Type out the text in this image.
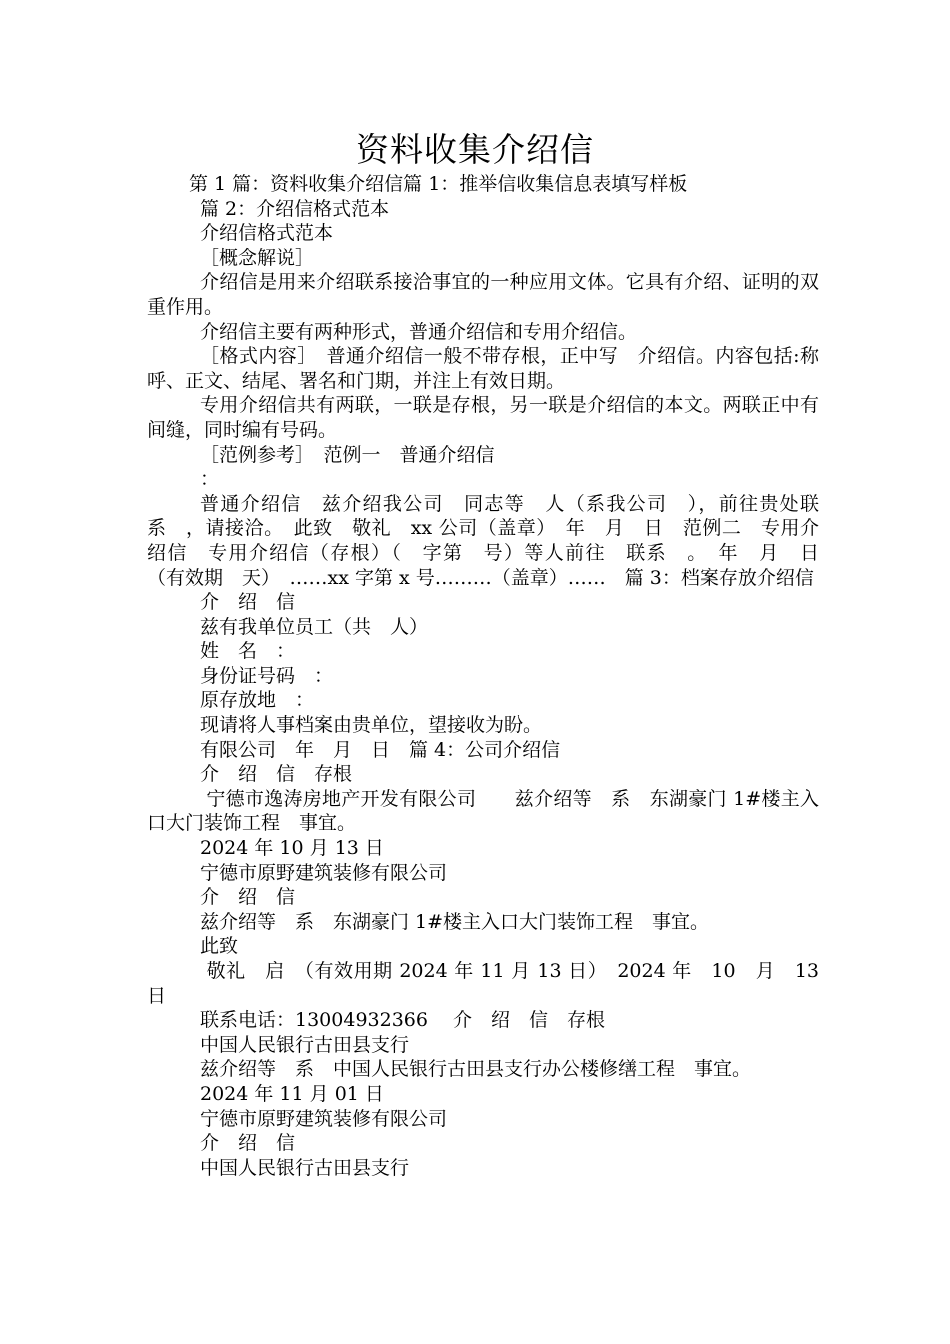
资料收集介绍信

第 1 篇：资料收集介绍信篇 1：推举信收集信息表填写样板

篇 2：介绍信格式范本

介绍信格式范本

［概念解说］

介绍信是用来介绍联系接洽事宜的一种应用文体。它具有介绍、证明的双重作用。

介绍信主要有两种形式，普通介绍信和专用介绍信。

［格式内容］　普通介绍信一般不带存根，正中写　介绍信。内容包括:称呼、正文、结尾、署名和门期，并注上有效日期。

专用介绍信共有两联，一联是存根，另一联是介绍信的本文。两联正中有间缝，同时编有号码。

［范例参考］　范例一　普通介绍信

：

普通介绍信　兹介绍我公司　同志等　人（系我公司　），前往贵处联系　，请接洽。　此致　敬礼　xx 公司（盖章）　年　月　日　范例二　专用介绍信　专用介绍信（存根）（　字第　号）等人前往　联系　。　年　月　日　（有效期　天）　……xx 字第 x 号………（盖章）……　篇 3：档案存放介绍信

介　绍　信

兹有我单位员工（共　人）

姓　名　：

身份证号码　：

原存放地　：

现请将人事档案由贵单位，望接收为盼。

有限公司　年　月　日　篇 4：公司介绍信

介　绍　信　存根

宁德市逸涛房地产开发有限公司　　兹介绍等　系　东湖豪门 1#楼主入口大门装饰工程　事宜。

2024 年 10 月 13 日

宁德市原野建筑装修有限公司

介　绍　信

兹介绍等　系　东湖豪门 1#楼主入口大门装饰工程　事宜。

此致

敬礼　启　（有效用期 2024 年 11 月 13 日）　2024 年　10　月　13　日

联系电话：13004932366　 介　绍　信　存根

中国人民银行古田县支行

兹介绍等　系　中国人民银行古田县支行办公楼修缮工程　事宜。

2024 年 11 月 01 日

宁德市原野建筑装修有限公司

介　绍　信

中国人民银行古田县支行
